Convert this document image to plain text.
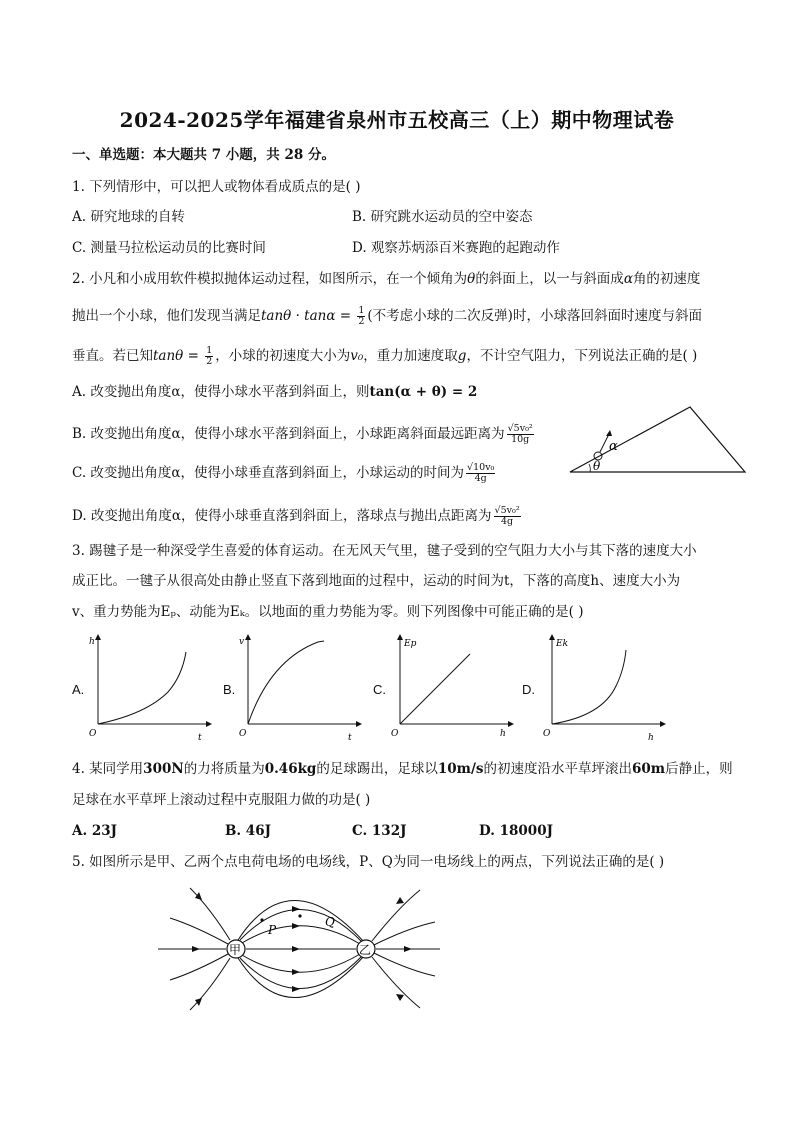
2024-2025学年福建省泉州市五校高三（上）期中物理试卷
一、单选题：本大题共 7 小题，共 28 分。
1. 下列情形中，可以把人或物体看成质点的是( )
A. 研究地球的自转	B. 研究跳水运动员的空中姿态
C. 测量马拉松运动员的比赛时间	D. 观察苏炳添百米赛跑的起跑动作
2. 小凡和小成用软件模拟抛体运动过程，如图所示，在一个倾角为θ的斜面上，以一与斜面成α角的初速度
抛出一个小球，他们发现当满足$\tan\theta \cdot \tan\alpha = \frac{1}{2}$ (不考虑小球的二次反弹)时，小球落回斜面时速度与斜面
垂直。若已知$\tan\theta = \frac{1}{2}$ ，小球的初速度大小为v₀，重力加速度取g，不计空气阻力，下列说法正确的是( )
A. 改变抛出角度α，使得小球水平落到斜面上，则tan(α + θ) = 2
B. 改变抛出角度α，使得小球水平落到斜面上，小球距离斜面最远距离为 $\frac{\text{√5v₀²}}{10g}$
C. 改变抛出角度α，使得小球垂直落到斜面上，小球运动的时间为 $\frac{\text{√10v₀}}{4g}$
D. 改变抛出角度α，使得小球垂直落到斜面上，落球点与抛出点距离为 $\frac{\text{√5v₀²}}{4g}$
α
θ
3. 踢毽子是一种深受学生喜爱的体育运动。在无风天气里，毽子受到的空气阻力大小与其下落的速度大小
成正比。一毽子从很高处由静止竖直下落到地面的过程中，运动的时间为t，下落的高度h、速度大小为
v、重力势能为Eₚ、动能为Eₖ。以地面的重力势能为零。则下列图像中可能正确的是( )
A.
h
t
O
B.
v
t
O
C.
Ep
h
O
D.
Ek
h
O
4. 某同学用300N的力将质量为0.46kg的足球踢出，足球以10m/s的初速度沿水平草坪滚出60m后静止，则
足球在水平草坪上滚动过程中克服阻力做的功是( )
A. 23J	B. 46J	C. 132J	D. 18000J
5. 如图所示是甲、乙两个点电荷电场的电场线，P、Q为同一电场线上的两点，下列说法正确的是( )
甲	乙
P
Q
